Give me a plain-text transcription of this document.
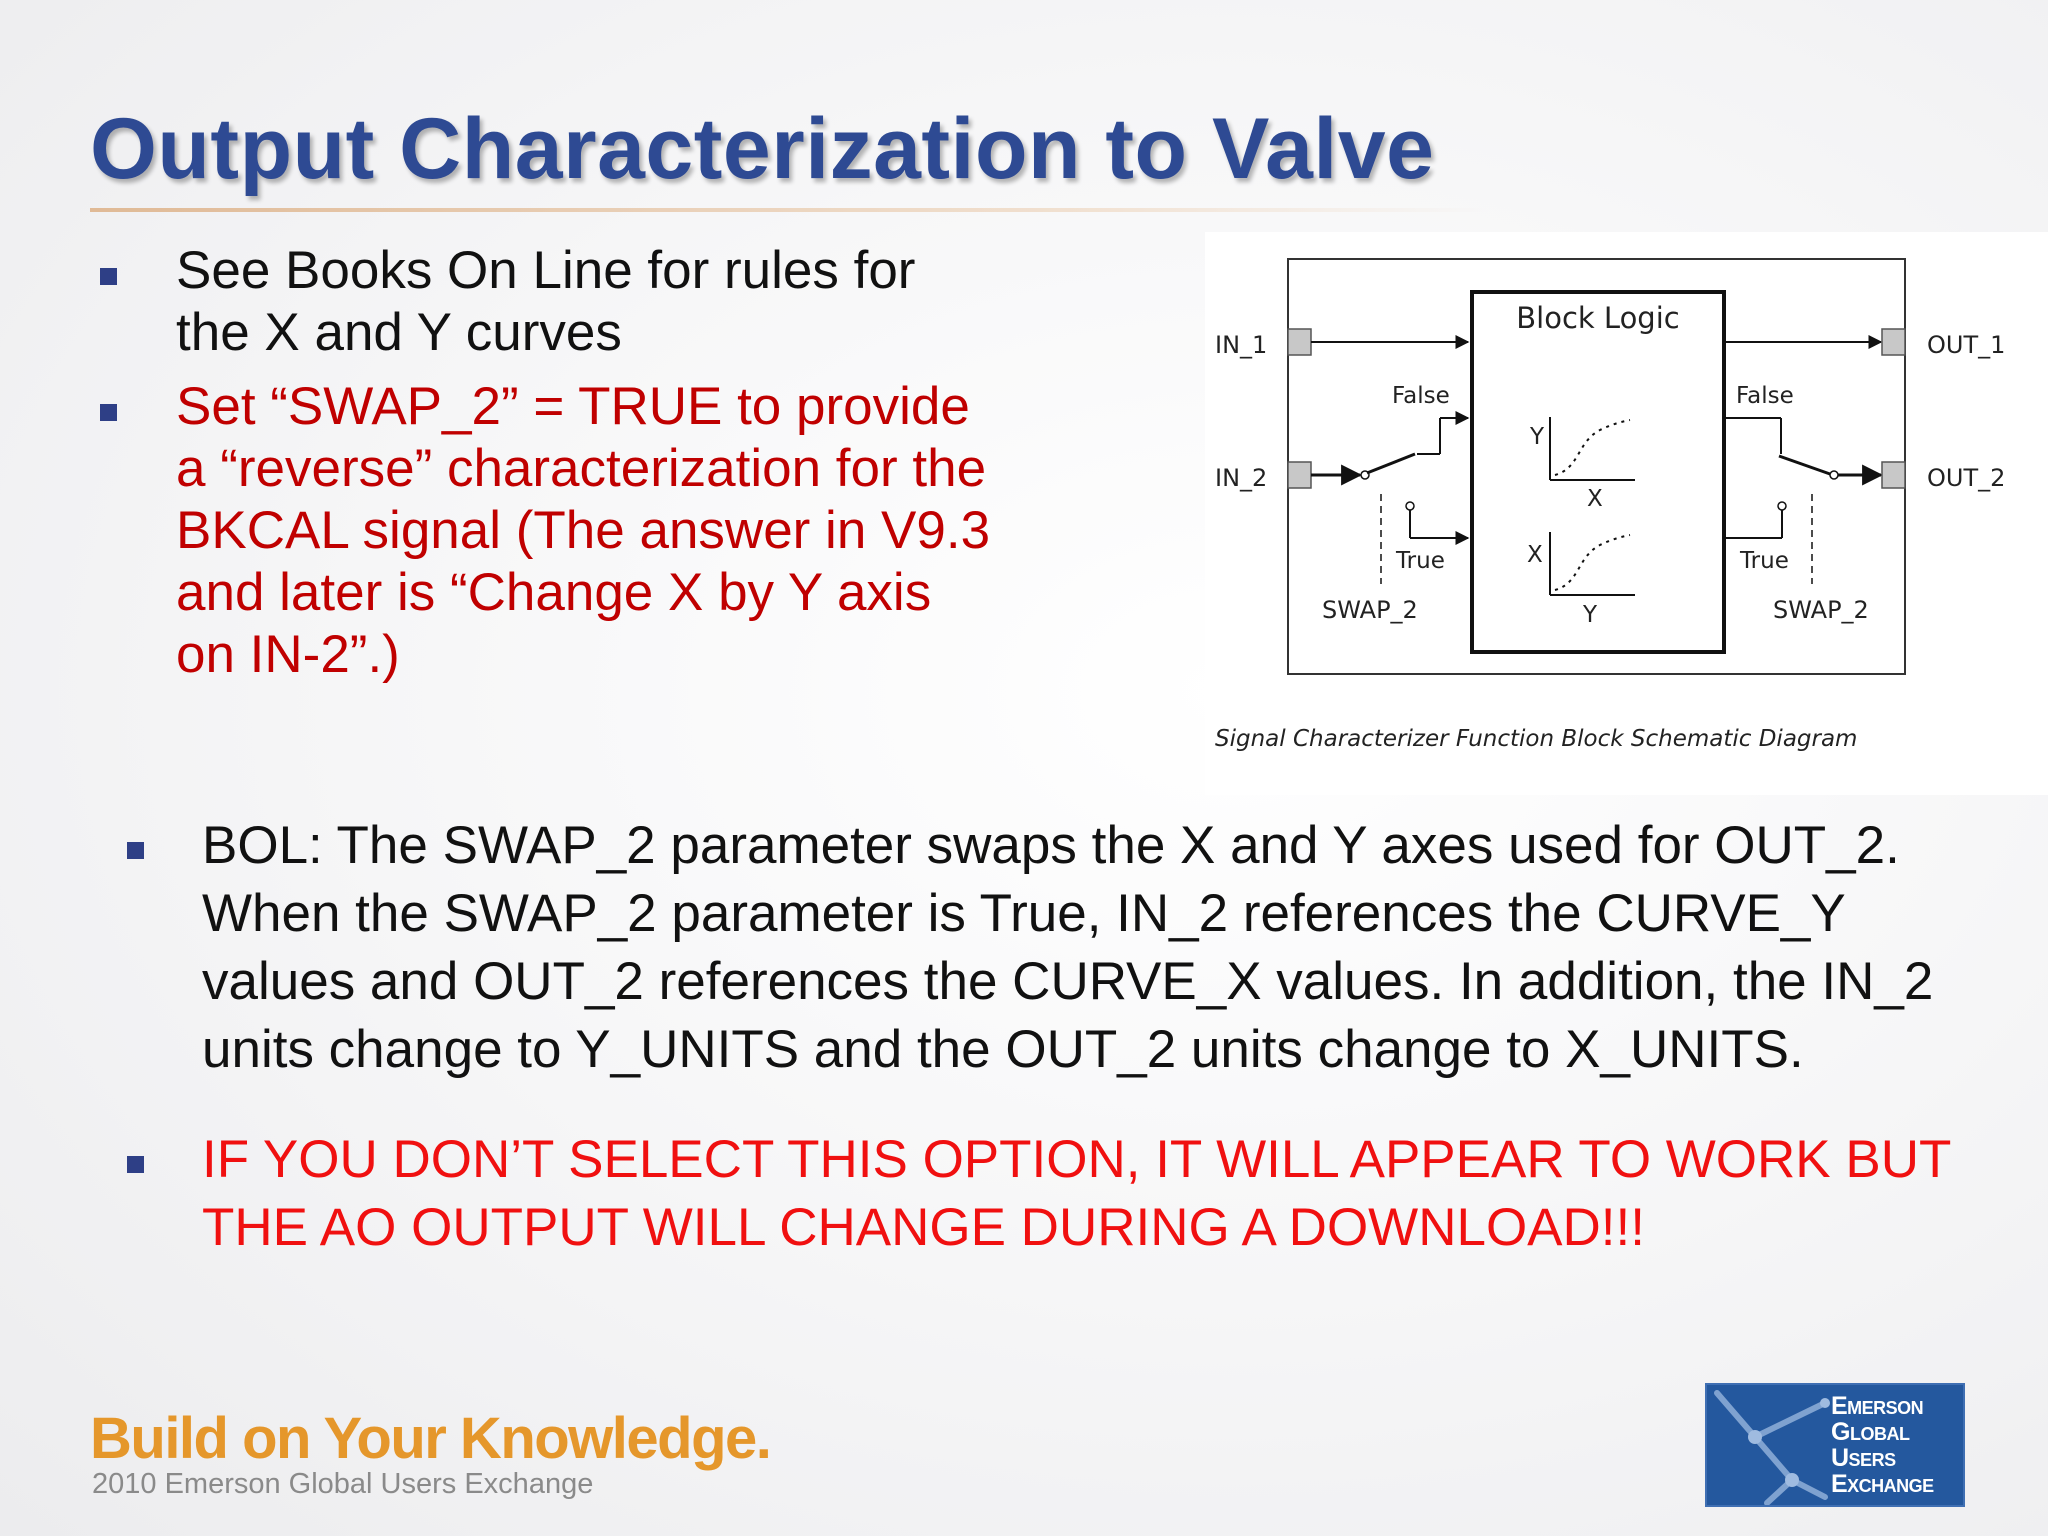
Output Characterization to Valve
See Books On Line for rules for the X and Y curves
Set “SWAP_2” = TRUE to provide a “reverse” characterization for the BKCAL signal (The answer in V9.3 and later is “Change X by Y axis on IN-2”.)
Block Logic
IN_1
IN_2
False
True
SWAP_2
Y
X
X
Y
OUT_1
False
True
OUT_2
SWAP_2
Signal Characterizer Function Block Schematic Diagram
BOL: The SWAP_2 parameter swaps the X and Y axes used for OUT_2. When the SWAP_2 parameter is True, IN_2 references the CURVE_Y values and OUT_2 references the CURVE_X values. In addition, the IN_2 units change to Y_UNITS and the OUT_2 units change to X_UNITS.
IF YOU DON’T SELECT THIS OPTION, IT WILL APPEAR TO WORK BUT THE AO OUTPUT WILL CHANGE DURING A DOWNLOAD!!!
Build on Your Knowledge.
2010 Emerson Global Users Exchange
Emerson
Global
Users
Exchange
